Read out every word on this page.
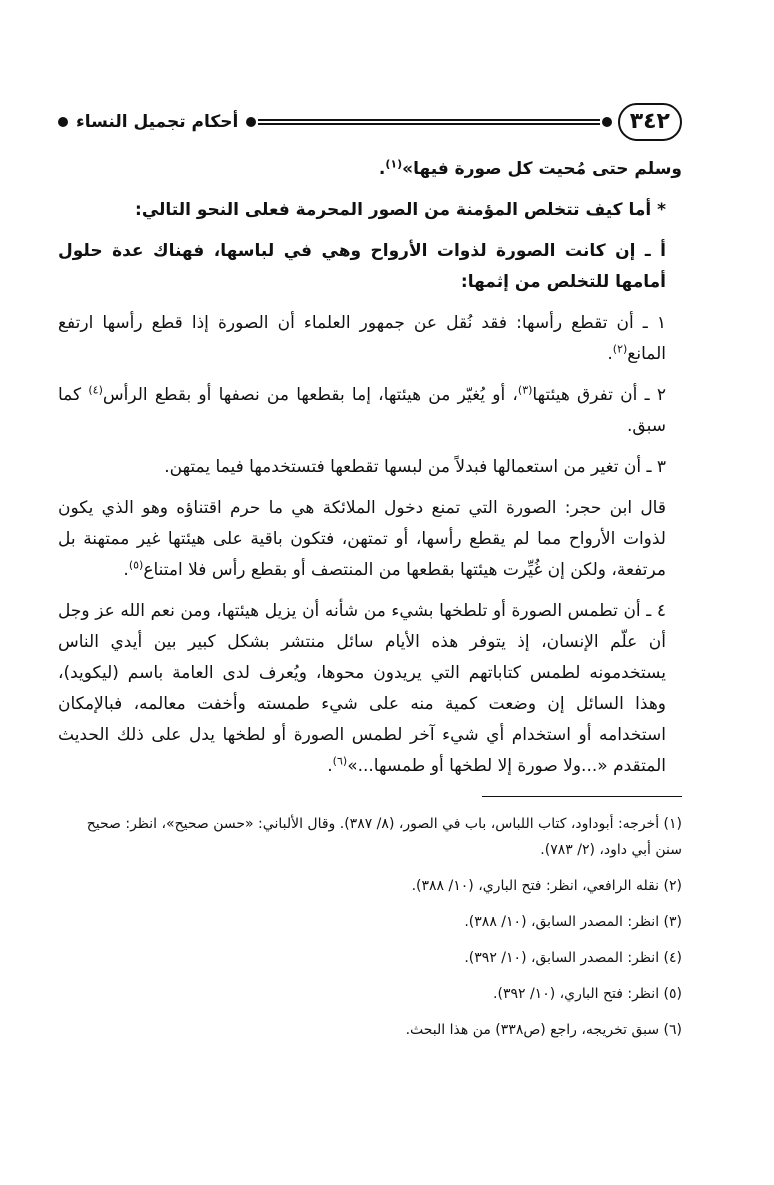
٣٤٢
أحكام تجميل النساء

وسلم حتى مُحيت كل صورة فيها»$^{(١)}$.

* أما كيف تتخلص المؤمنة من الصور المحرمة فعلى النحو التالي:

أ ـ إن كانت الصورة لذوات الأرواح وهي في لباسها، فهناك عدة حلول أمامها للتخلص من إثمها:

١ ـ أن تقطع رأسها: فقد نُقل عن جمهور العلماء أن الصورة إذا قطع رأسها ارتفع المانع$^{(٢)}$.

٢ ـ أن تفرق هيئتها$^{(٣)}$، أو يُغيّر من هيئتها، إما بقطعها من نصفها أو بقطع الرأس$^{(٤)}$ كما سبق.

٣ ـ أن تغير من استعمالها فبدلاً من لبسها تقطعها فتستخدمها فيما يمتهن.

قال ابن حجر: الصورة التي تمنع دخول الملائكة هي ما حرم اقتناؤه وهو الذي يكون لذوات الأرواح مما لم يقطع رأسها، أو تمتهن، فتكون باقية على هيئتها غير ممتهنة بل مرتفعة، ولكن إن غُيِّرت هيئتها بقطعها من المنتصف أو بقطع رأس فلا امتناع$^{(٥)}$.

٤ ـ أن تطمس الصورة أو تلطخها بشيء من شأنه أن يزيل هيئتها، ومن نعم الله عز وجل أن علّم الإنسان، إذ يتوفر هذه الأيام سائل منتشر بشكل كبير بين أيدي الناس يستخدمونه لطمس كتاباتهم التي يريدون محوها، ويُعرف لدى العامة باسم (ليكويد)، وهذا السائل إن وضعت كمية منه على شيء طمسته وأخفت معالمه، فبالإمكان استخدامه أو استخدام أي شيء آخر لطمس الصورة أو لطخها يدل على ذلك الحديث المتقدم «...ولا صورة إلا لطخها أو طمسها...»$^{(٦)}$.

(١) أخرجه: أبوداود، كتاب اللباس، باب في الصور، (٨/ ٣٨٧). وقال الألباني: «حسن صحيح»، انظر: صحيح سنن أبي داود، (٢/ ٧٨٣).
(٢) نقله الرافعي، انظر: فتح الباري، (١٠/ ٣٨٨).
(٣) انظر: المصدر السابق، (١٠/ ٣٨٨).
(٤) انظر: المصدر السابق، (١٠/ ٣٩٢).
(٥) انظر: فتح الباري، (١٠/ ٣٩٢).
(٦) سبق تخريجه، راجع (ص٣٣٨) من هذا البحث.
